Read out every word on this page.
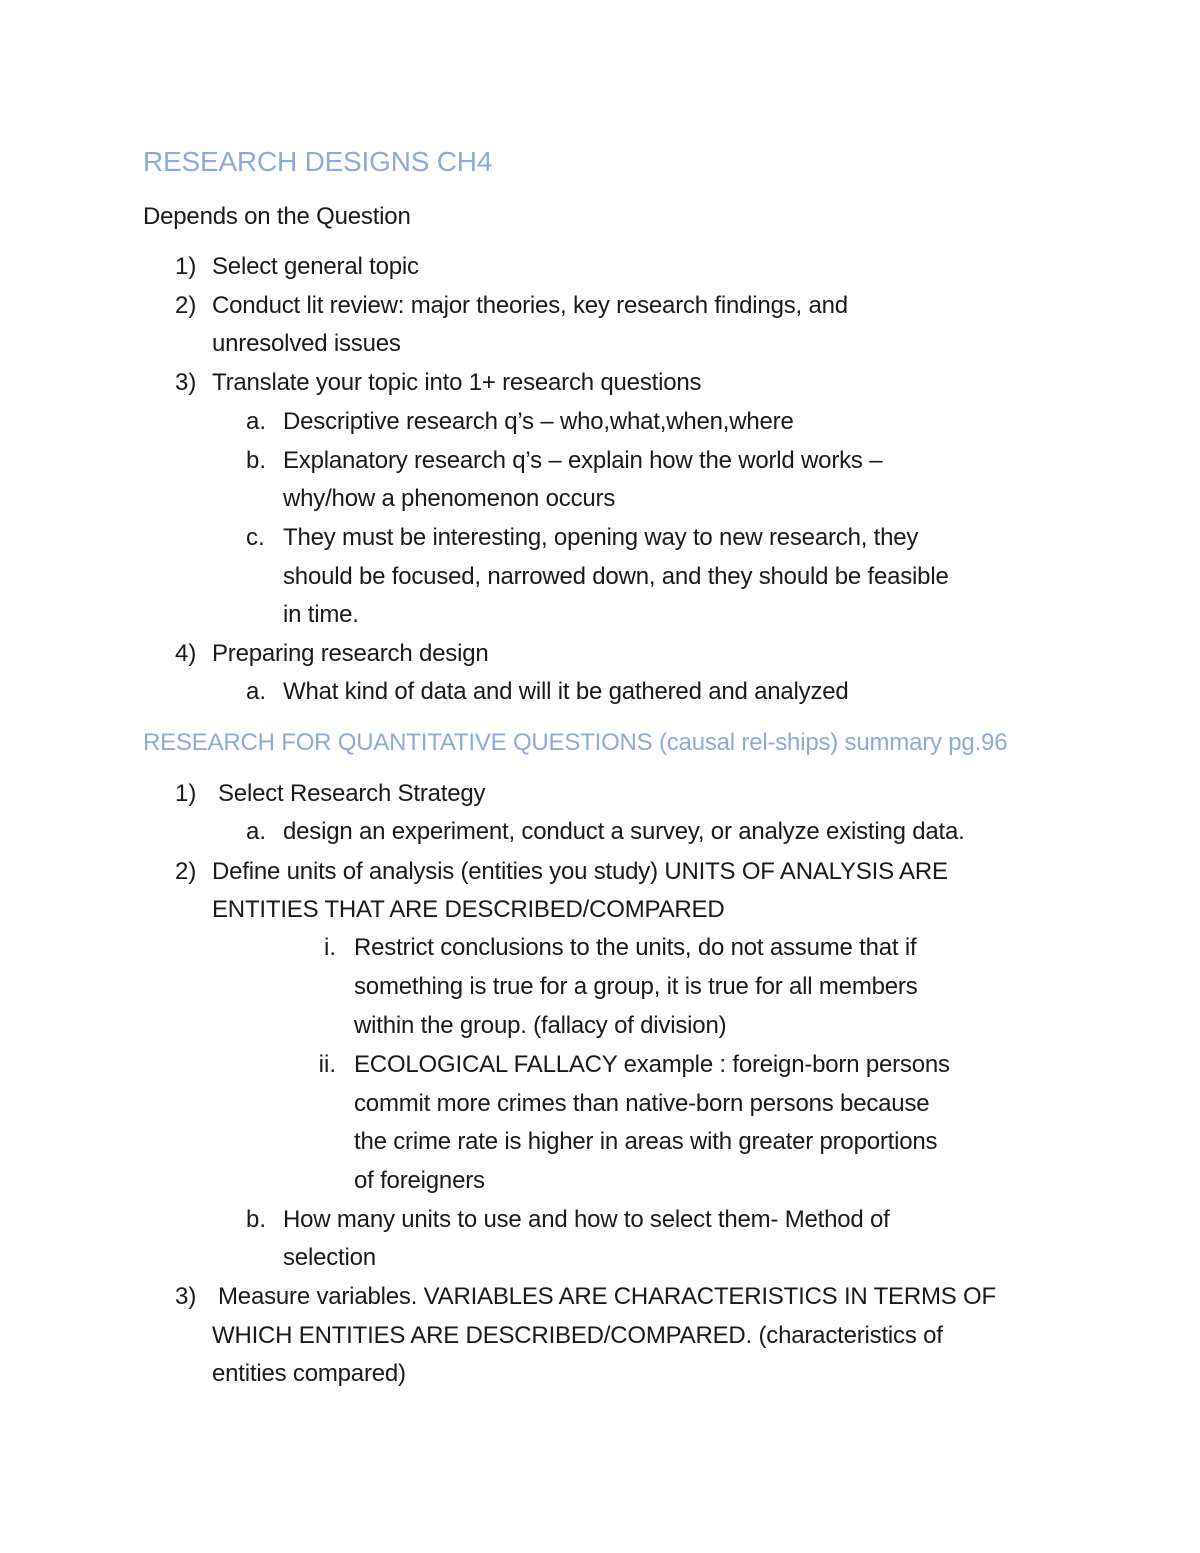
RESEARCH DESIGNS CH4
Depends on the Question
1) Select general topic
2) Conduct lit review: major theories, key research findings, and
unresolved issues
3) Translate your topic into 1+ research questions
a. Descriptive research q’s – who,what,when,where
b. Explanatory research q’s – explain how the world works –
why/how a phenomenon occurs
c. They must be interesting, opening way to new research, they
should be focused, narrowed down, and they should be feasible
in time.
4) Preparing research design
a. What kind of data and will it be gathered and analyzed
RESEARCH FOR QUANTITATIVE QUESTIONS (causal rel-ships) summary pg.96
1) Select Research Strategy
a. design an experiment, conduct a survey, or analyze existing data.
2) Define units of analysis (entities you study) UNITS OF ANALYSIS ARE
ENTITIES THAT ARE DESCRIBED/COMPARED
i. Restrict conclusions to the units, do not assume that if
something is true for a group, it is true for all members
within the group. (fallacy of division)
ii. ECOLOGICAL FALLACY example : foreign-born persons
commit more crimes than native-born persons because
the crime rate is higher in areas with greater proportions
of foreigners
b. How many units to use and how to select them- Method of
selection
3) Measure variables. VARIABLES ARE CHARACTERISTICS IN TERMS OF
WHICH ENTITIES ARE DESCRIBED/COMPARED. (characteristics of
entities compared)
